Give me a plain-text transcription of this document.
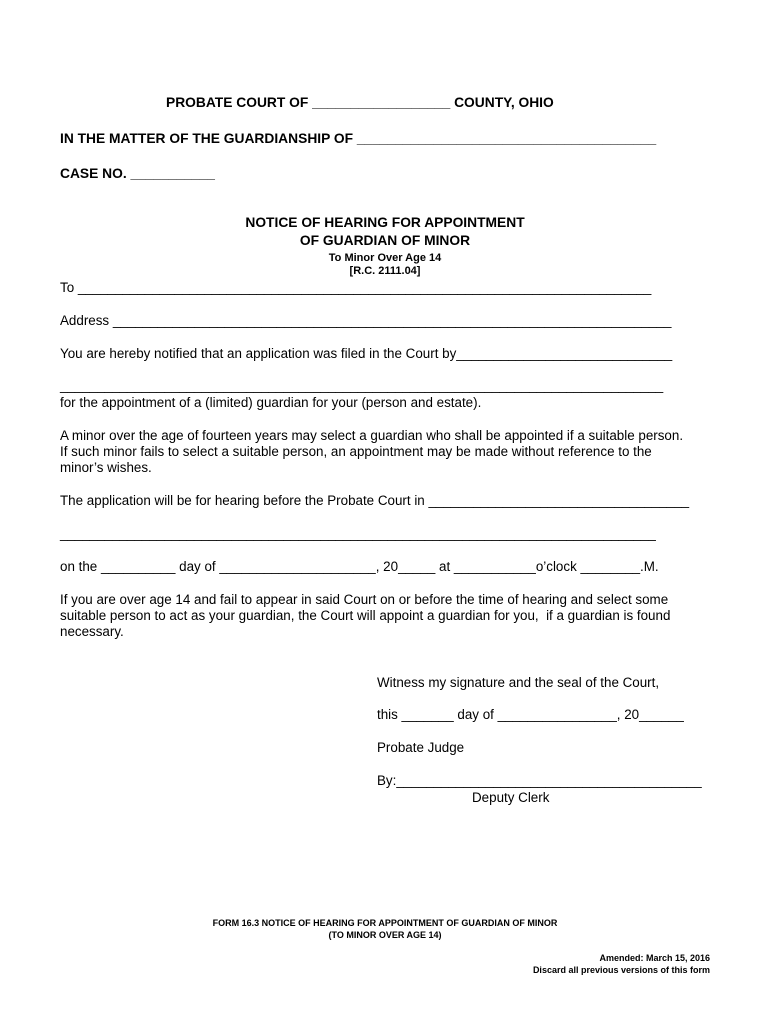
PROBATE COURT OF __________________ COUNTY, OHIO
IN THE MATTER OF THE GUARDIANSHIP OF _______________________________________
CASE NO. ___________
NOTICE OF HEARING FOR APPOINTMENT
OF GUARDIAN OF MINOR
To Minor Over Age 14
[R.C. 2111.04]
To _____________________________________________________________________________
Address ___________________________________________________________________________
You are hereby notified that an application was filed in the Court by_____________________________
_________________________________________________________________________________
for the appointment of a (limited) guardian for your (person and estate).
A minor over the age of fourteen years may select a guardian who shall be appointed if a suitable person.
If such minor fails to select a suitable person, an appointment may be made without reference to the
minor’s wishes.
The application will be for hearing before the Probate Court in ___________________________________
________________________________________________________________________________
on the __________ day of _____________________, 20_____ at ___________o’clock ________.M.
If you are over age 14 and fail to appear in said Court on or before the time of hearing and select some
suitable person to act as your guardian, the Court will appoint a guardian for you,  if a guardian is found
necessary.
Witness my signature and the seal of the Court,
this _______ day of ________________, 20______
Probate Judge
By:_________________________________________
Deputy Clerk
FORM 16.3 NOTICE OF HEARING FOR APPOINTMENT OF GUARDIAN OF MINOR
(TO MINOR OVER AGE 14)
Amended: March 15, 2016
Discard all previous versions of this form
